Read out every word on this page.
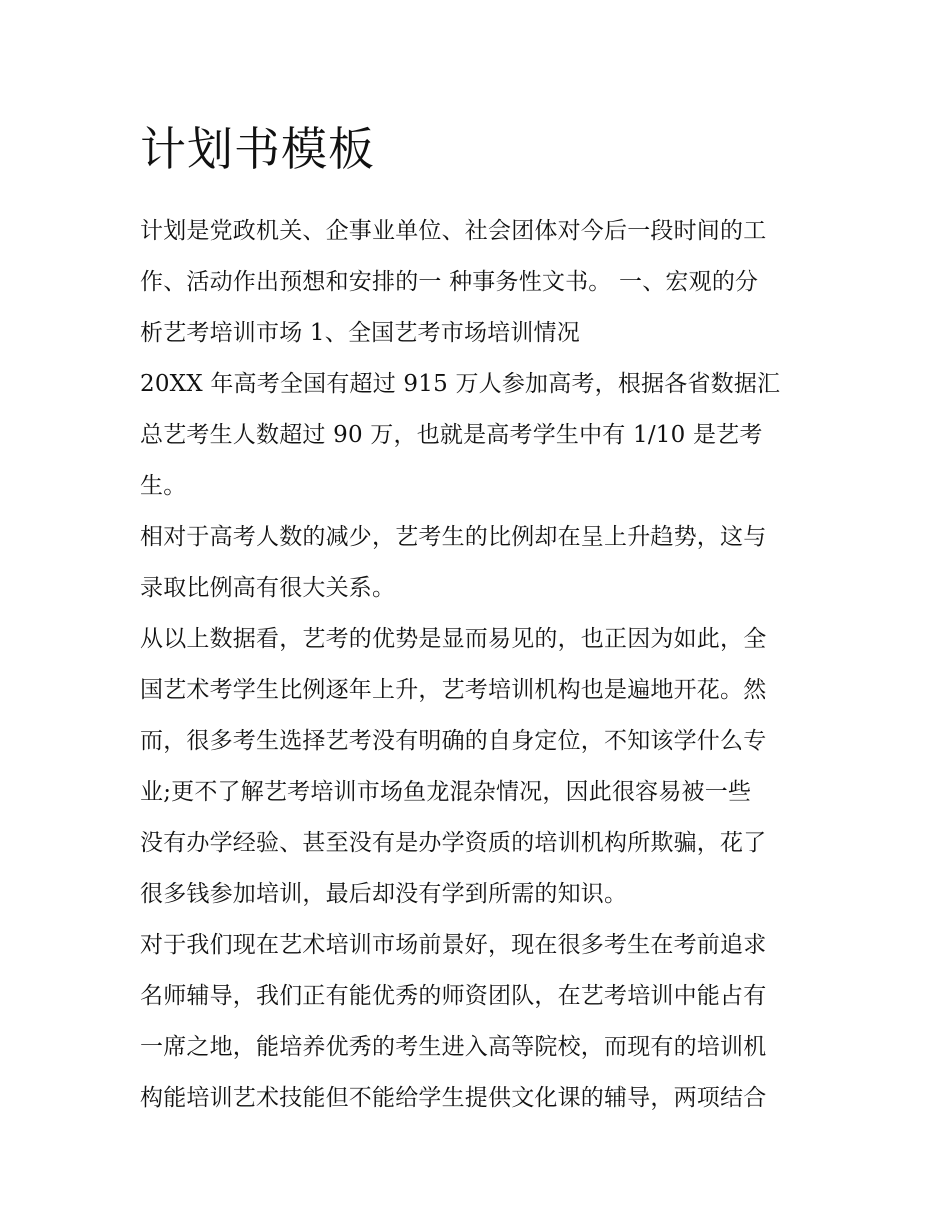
计划书模板

计划是党政机关、企事业单位、社会团体对今后一段时间的工
作、活动作出预想和安排的一 种事务性文书。 一、宏观的分
析艺考培训市场 1、全国艺考市场培训情况

20XX 年高考全国有超过 915 万人参加高考，根据各省数据汇
总艺考生人数超过 90 万，也就是高考学生中有 1/10 是艺考
生。

相对于高考人数的减少，艺考生的比例却在呈上升趋势，这与
录取比例高有很大关系。

从以上数据看，艺考的优势是显而易见的，也正因为如此，全
国艺术考学生比例逐年上升，艺考培训机构也是遍地开花。然
而，很多考生选择艺考没有明确的自身定位，不知该学什么专
业;更不了解艺考培训市场鱼龙混杂情况，因此很容易被一些
没有办学经验、甚至没有是办学资质的培训机构所欺骗，花了
很多钱参加培训，最后却没有学到所需的知识。

对于我们现在艺术培训市场前景好，现在很多考生在考前追求
名师辅导，我们正有能优秀的师资团队，在艺考培训中能占有
一席之地，能培养优秀的考生进入高等院校，而现有的培训机
构能培训艺术技能但不能给学生提供文化课的辅导，两项结合
